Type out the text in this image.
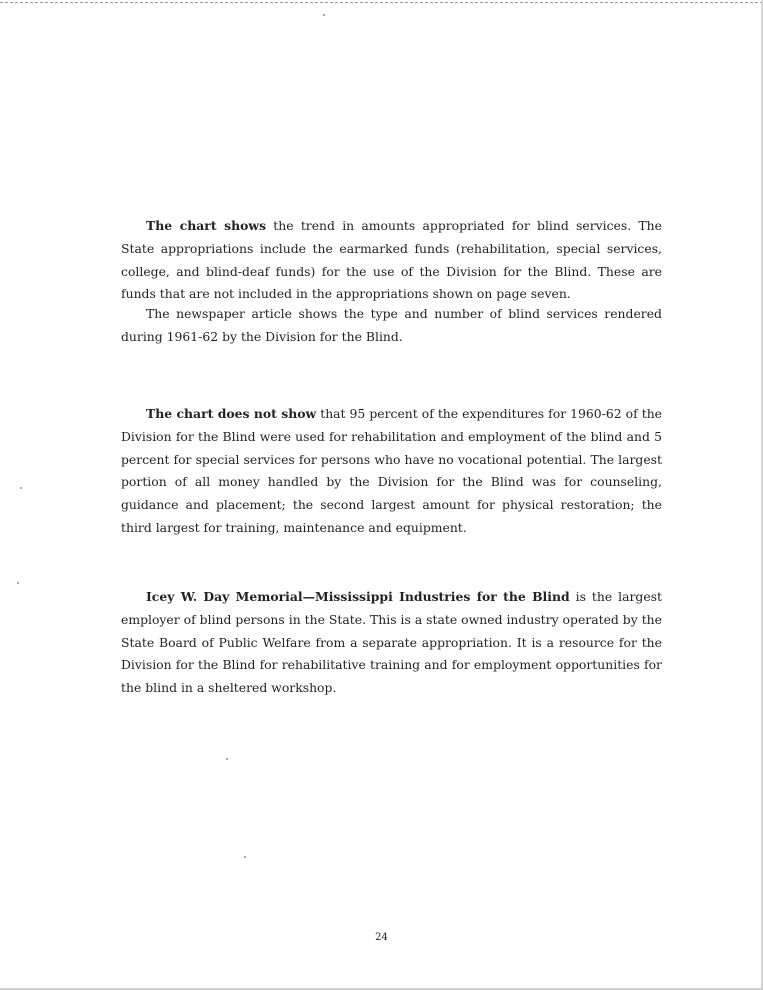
The chart shows the trend in amounts appropriated for blind services. The State appropriations include the earmarked funds (rehabilitation, special services, college, and blind-deaf funds) for the use of the Division for the Blind. These are funds that are not included in the appropriations shown on page seven.

The newspaper article shows the type and number of blind services rendered during 1961-62 by the Division for the Blind.

The chart does not show that 95 percent of the expenditures for 1960-62 of the Division for the Blind were used for rehabilitation and employment of the blind and 5 percent for special services for persons who have no vocational potential. The largest portion of all money handled by the Division for the Blind was for counseling, guidance and placement; the second largest amount for physical restoration; the third largest for training, maintenance and equipment.

Icey W. Day Memorial—Mississippi Industries for the Blind is the largest employer of blind persons in the State. This is a state owned industry operated by the State Board of Public Welfare from a separate appropriation. It is a resource for the Division for the Blind for rehabilitative training and for employment opportunities for the blind in a sheltered workshop.

24
